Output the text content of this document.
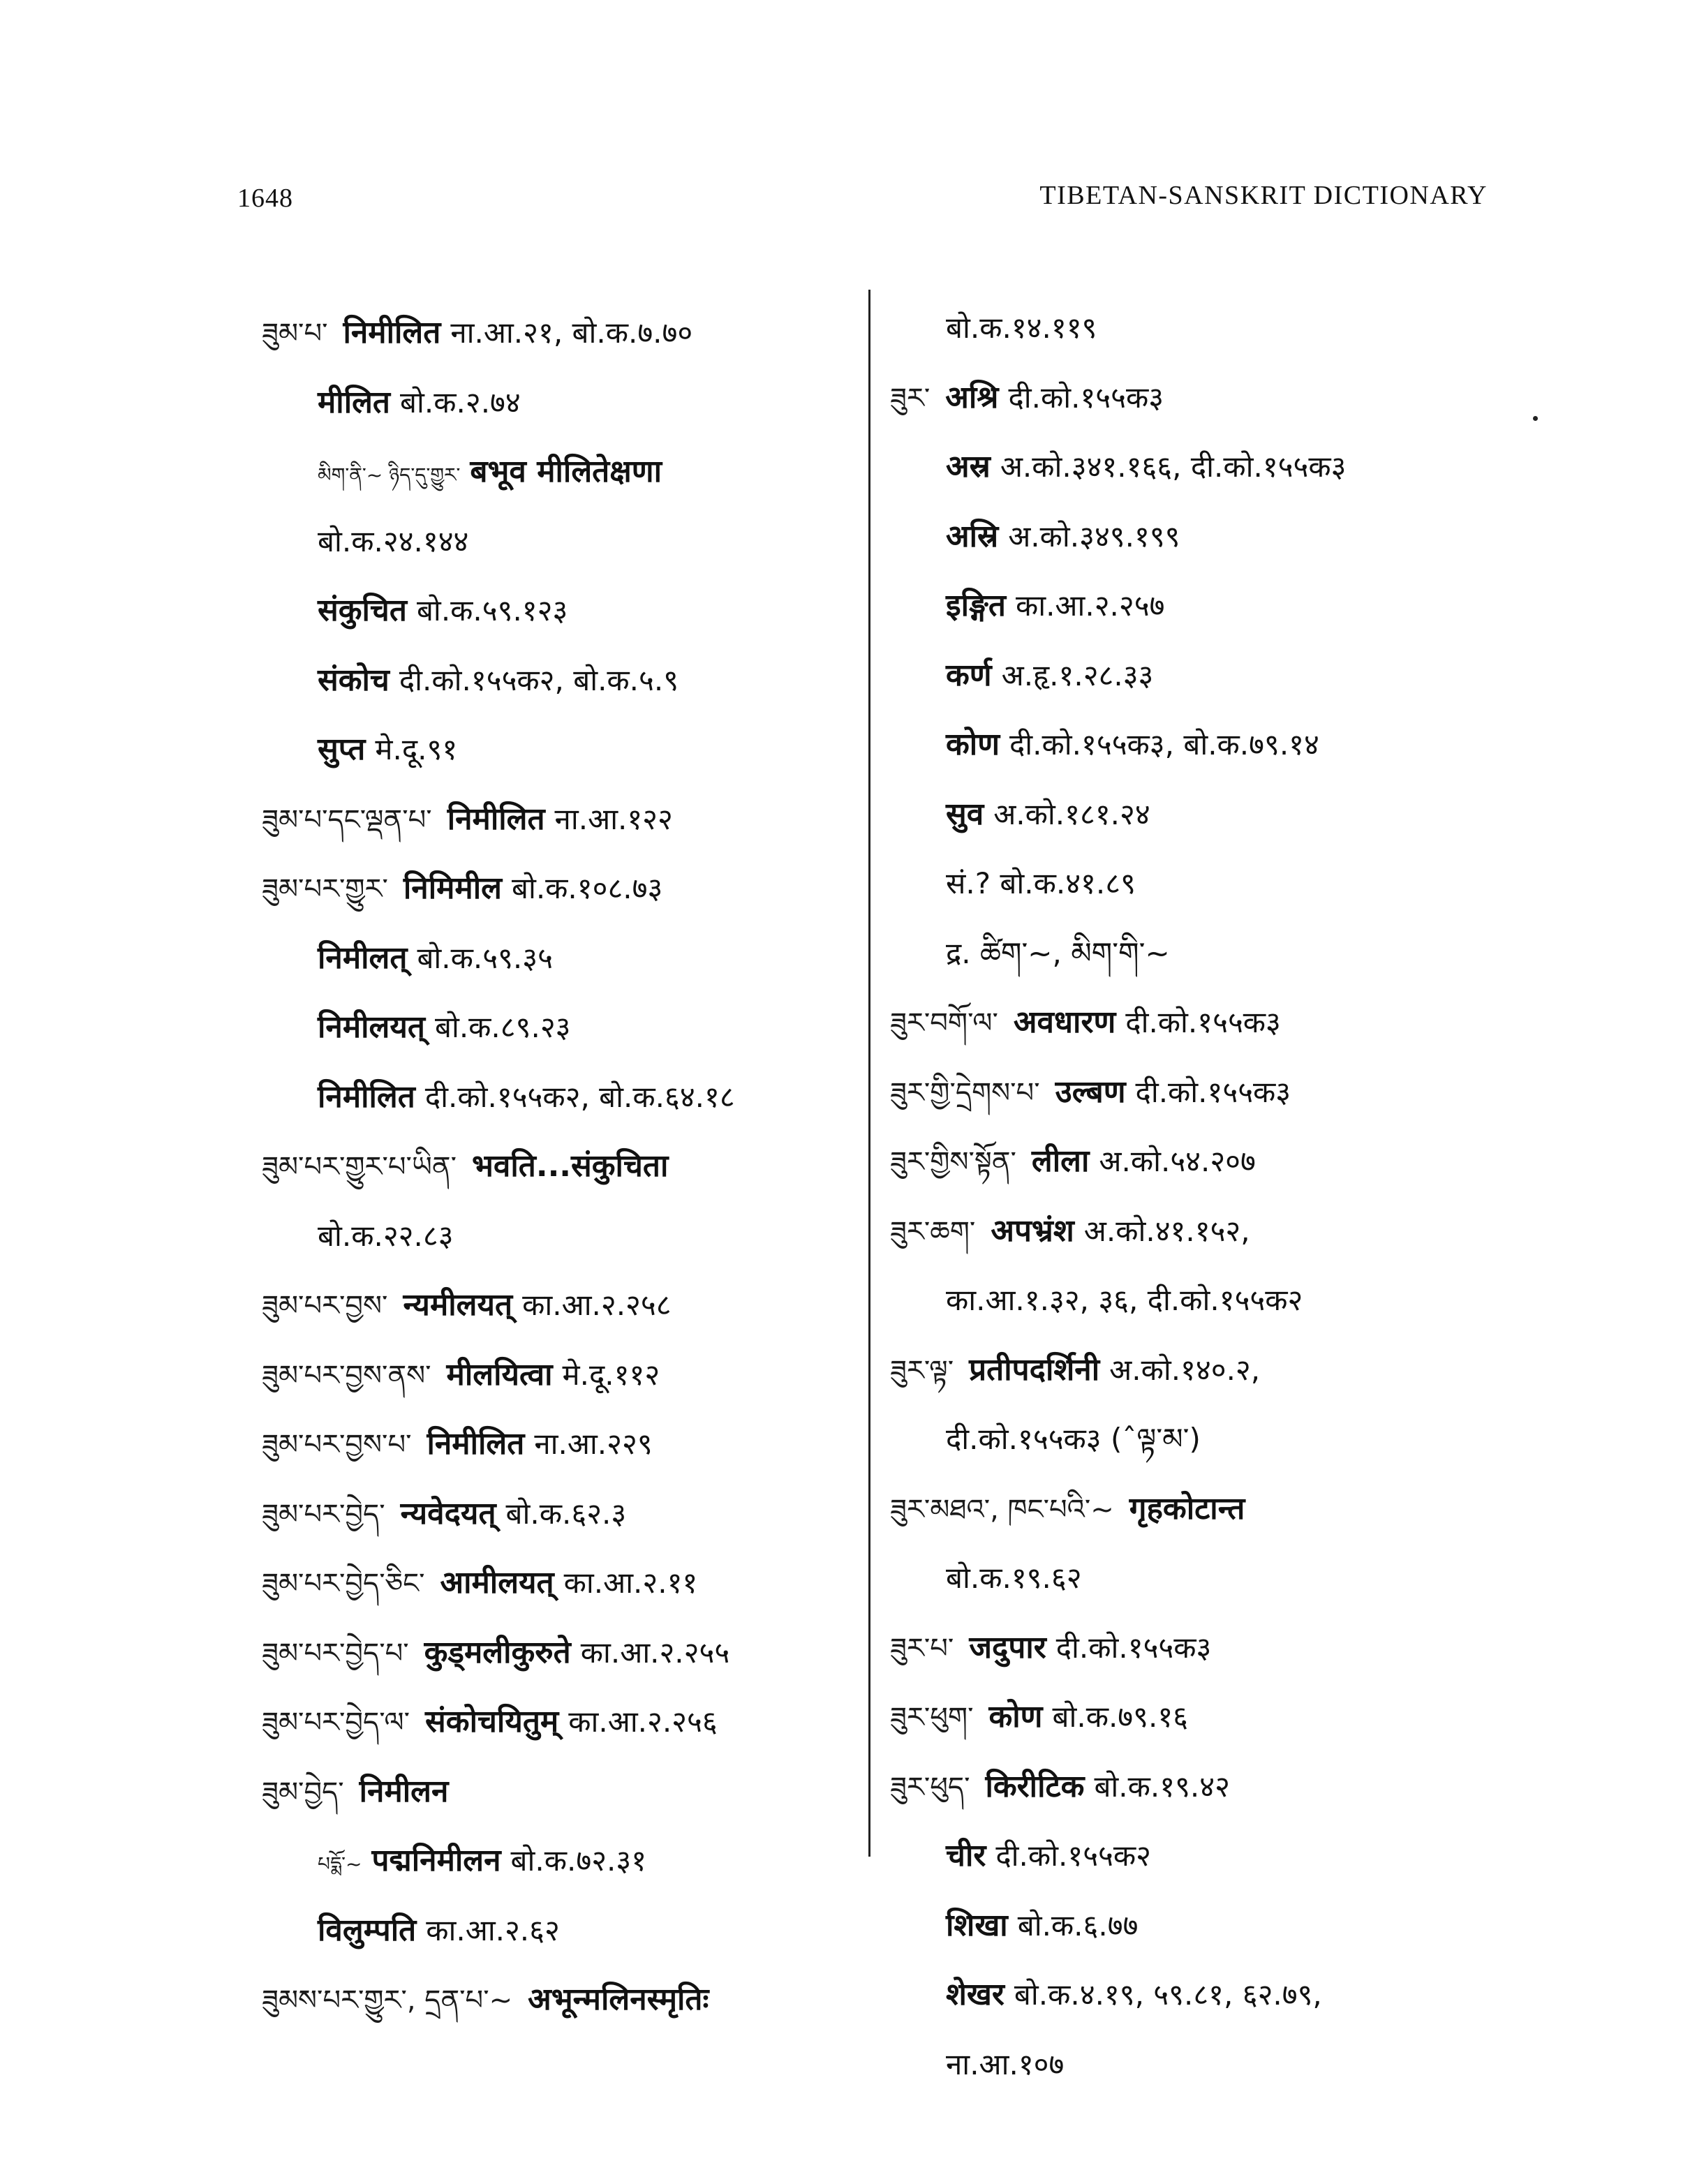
1648	TIBETAN-SANSKRIT DICTIONARY
ཟུམ་པ་ निमीलित ना.आ.२१, बो.क.७.७०
मीलित बो.क.२.७४
མིག་ནི་~ ཉིད་དུ་གྱུར་ बभूव मीलितेक्षणा
बो.क.२४.१४४
संकुचित बो.क.५९.१२३
संकोच दी.को.१५५क२, बो.क.५.९
सुप्त मे.दू.९१
ཟུམ་པ་དང་ལྡན་པ་ निमीलित ना.आ.१२२
ཟུམ་པར་གྱུར་ निमिमील बो.क.१०८.७३
निमीलत् बो.क.५९.३५
निमीलयत् बो.क.८९.२३
निमीलित दी.को.१५५क२, बो.क.६४.१८
ཟུམ་པར་གྱུར་པ་ཡིན་ भवति...संकुचिता
बो.क.२२.८३
ཟུམ་པར་བྱས་ न्यमीलयत् का.आ.२.२५८
ཟུམ་པར་བྱས་ནས་ मीलयित्वा मे.दू.११२
ཟུམ་པར་བྱས་པ་ निमीलित ना.आ.२२९
ཟུམ་པར་བྱེད་ न्यवेदयत् बो.क.६२.३
ཟུམ་པར་བྱེད་ཅིང་ आमीलयत् का.आ.२.११
ཟུམ་པར་བྱེད་པ་ कुड्मलीकुरुते का.आ.२.२५५
ཟུམ་པར་བྱེད་ལ་ संकोचयितुम् का.आ.२.२५६
ཟུམ་བྱེད་ निमीलन
པདྨོ་~ पद्मनिमीलन बो.क.७२.३१
विलुम्पति का.आ.२.६२
ཟུམས་པར་གྱུར་, དྲན་པ་~ अभून्मलिनस्मृतिः
बो.क.१४.११९
ཟུར་ अश्रि दी.को.१५५क३
अस्र अ.को.३४१.१६६, दी.को.१५५क३
अस्रि अ.को.३४९.१९९
इङ्गित का.आ.२.२५७
कर्ण अ.हृ.१.२८.३३
कोण दी.को.१५५क३, बो.क.७९.१४
सुव अ.को.१८१.२४
सं.? बो.क.४१.८९
द्र. ཚིག་~, མིག་གི་~
ཟུར་བགོ་ལ་ अवधारण दी.को.१५५क३
ཟུར་གྱི་དྲེགས་པ་ उल्बण दी.को.१५५क३
ཟུར་གྱིས་སྟོན་ लीला अ.को.५४.२०७
ཟུར་ཆག་ अपभ्रंश अ.को.४१.१५२,
का.आ.१.३२, ३६, दी.को.१५५क२
ཟུར་ལྟ་ प्रतीपदर्शिनी अ.को.१४०.२,
दी.को.१५५क३ (ˆལྟ་མ་)
ཟུར་མཐའ་, ཁང་པའི་~ गृहकोटान्त
बो.क.१९.६२
ཟུར་པ་ जदुपार दी.को.१५५क३
ཟུར་ཕུག་ कोण बो.क.७९.१६
ཟུར་ཕུད་ किरीटिक बो.क.१९.४२
चीर दी.को.१५५क२
शिखा बो.क.६.७७
शेखर बो.क.४.१९, ५९.८१, ६२.७९,
ना.आ.१०७
